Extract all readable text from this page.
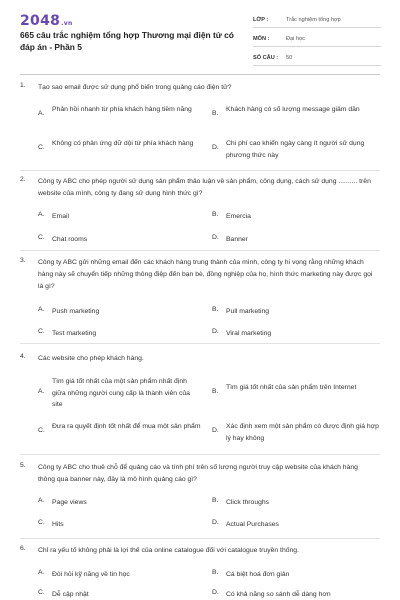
2048.vn
665 câu trắc nghiệm tổng hợp Thương mại điện tử có đáp án - Phần 5
LỚP :	Trắc nghiệm tổng hợp
MÔN :	Đại học
SỐ CÂU : 50
1. Tạo sao email được sử dụng phổ biến trong quảng cáo điện tử?
A.
Phản hồi nhanh từ phía khách hàng tiềm năng
B.
Khách hàng có số lượng message giảm dần
C.
Không có phản ứng dữ dội từ phía khách hàng
D.
Chi phí cao khiến ngày càng ít người sử dụng phương thức này
2. Công ty ABC cho phép người sử dụng sản phẩm thảo luận về sản phẩm, công dụng, cách sử dụng .......... trên website của mình, công ty đang sử dụng hình thức gì?
A. Email	B. Emercia
C. Chat rooms	D. Banner
3. Công ty ABC gửi những email đến các khách hàng trung thành của mình, công ty hi vọng rằng những khách hàng này sẽ chuyển tiếp những thông điệp đến bạn bè, đồng nghiệp của họ, hình thức marketing này được gọi là gì?
A. Push marketing	B. Pull marketing
C. Test marketing	D. Viral marketing
4. Các website cho phép khách hàng.
A.
Tìm giá tốt nhất của một sản phẩm nhất định giữa những người cung cấp là thành viên của site
B.
Tìm giá tốt nhất của sản phẩm trên Internet
C.
Đưa ra quyết định tốt nhất để mua một sản phẩm
D.
Xác định xem một sản phẩm có được định giá hợp lý hay không
5. Công ty ABC cho thuê chỗ để quảng cáo và tính phí trên số lượng người truy cập website của khách hàng thông qua banner này, đây là mô hình quảng cáo gì?
A. Page views	B. Click throughs
C. Hits	D. Actual Purchases
6. Chỉ ra yếu tố không phải là lợi thế của online catalogue đối với catalogue truyền thống.
A. Đòi hỏi kỹ năng về tin học	B. Cá biệt hoá đơn giản
C. Dễ cập nhật	D. Có khả năng so sánh dễ dàng hơn
